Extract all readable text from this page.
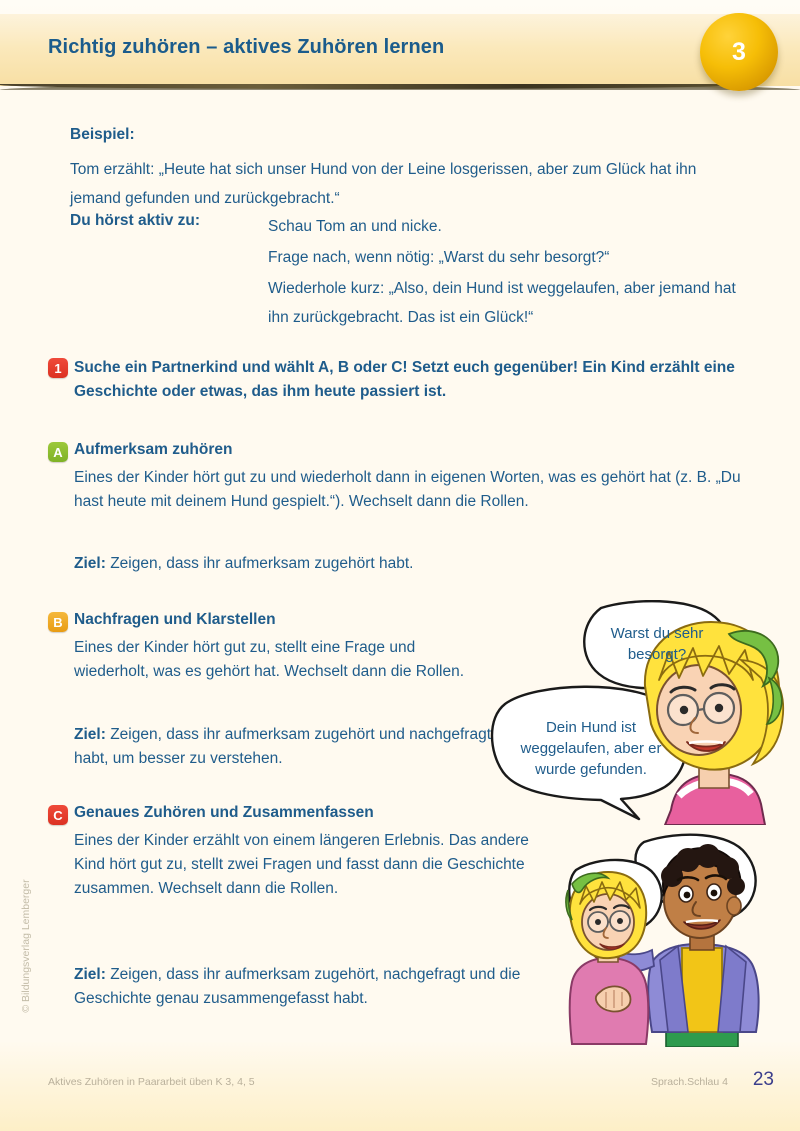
Richtig zuhören – aktives Zuhören lernen	3
Beispiel:
Tom erzählt: „Heute hat sich unser Hund von der Leine losgerissen, aber zum Glück hat ihn jemand gefunden und zurückgebracht.“
Du hörst aktiv zu:	Schau Tom an und nicke.
Frage nach, wenn nötig: „Warst du sehr besorgt?“
Wiederhole kurz: „Also, dein Hund ist weggelaufen, aber jemand hat ihn zurückgebracht. Das ist ein Glück!“
1 Suche ein Partnerkind und wählt A, B oder C! Setzt euch gegenüber! Ein Kind erzählt eine Geschichte oder etwas, das ihm heute passiert ist.
A Aufmerksam zuhören
Eines der Kinder hört gut zu und wiederholt dann in eigenen Worten, was es gehört hat (z. B. „Du hast heute mit deinem Hund gespielt.“). Wechselt dann die Rollen.
Ziel: Zeigen, dass ihr aufmerksam zugehört habt.
B Nachfragen und Klarstellen
Eines der Kinder hört gut zu, stellt eine Frage und wiederholt, was es gehört hat. Wechselt dann die Rollen.
Ziel: Zeigen, dass ihr aufmerksam zugehört und nachgefragt habt, um besser zu verstehen.
C Genaues Zuhören und Zusammenfassen
Eines der Kinder erzählt von einem längeren Erlebnis. Das andere Kind hört gut zu, stellt zwei Fragen und fasst dann die Geschichte zusammen. Wechselt dann die Rollen.
Ziel: Zeigen, dass ihr aufmerksam zugehört, nachgefragt und die Geschichte genau zusammengefasst habt.
Warst du sehr besorgt?
Dein Hund ist weggelaufen, aber er wurde gefunden.
© Bildungsverlag Lemberger
Aktives Zuhören in Paararbeit üben K 3, 4, 5	Sprach.Schlau 4 23
